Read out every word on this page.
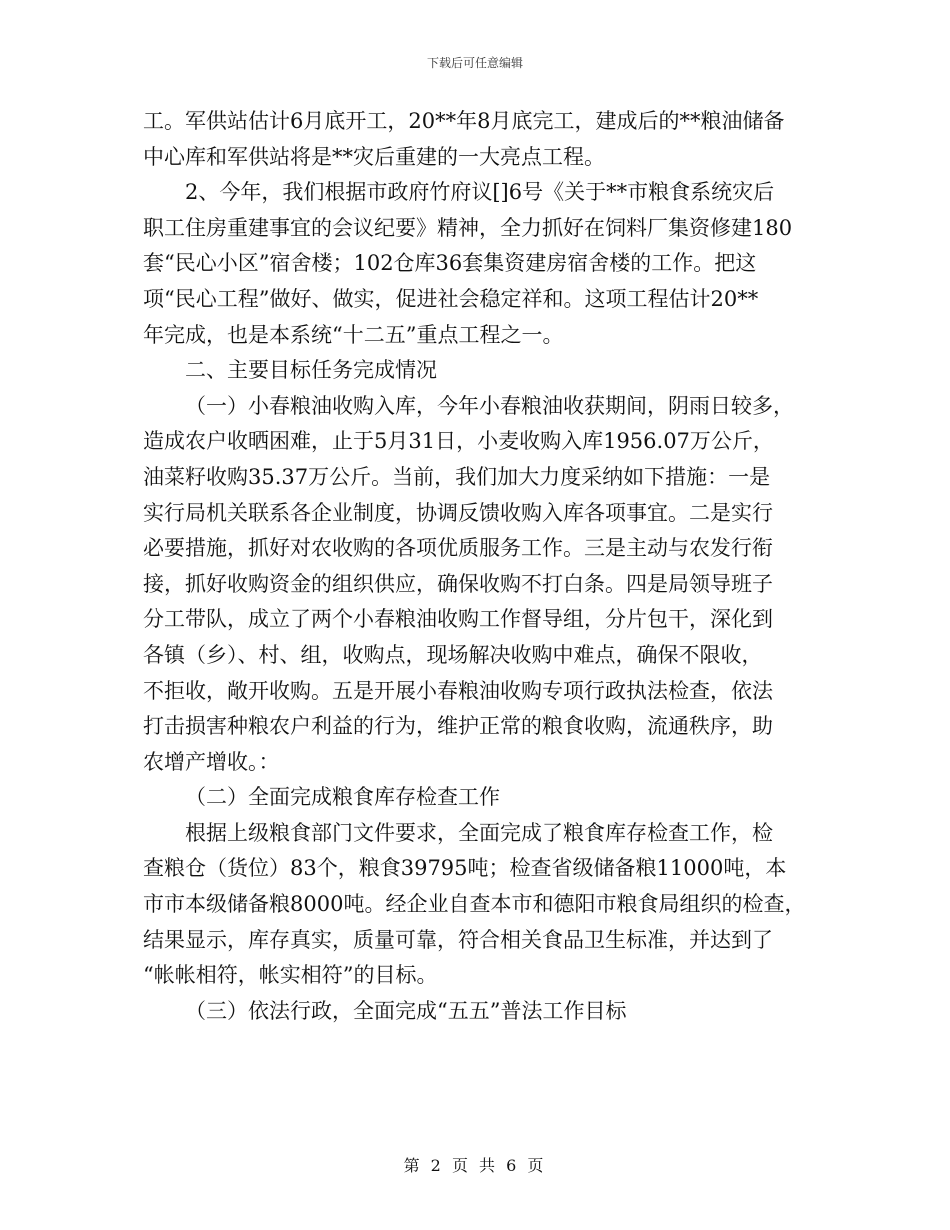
下载后可任意编辑
工。军供站估计6月底开工，20**年8月底完工，建成后的**粮油储备
中心库和军供站将是**灾后重建的一大亮点工程。
2、今年，我们根据市政府竹府议[]6号《关于**市粮食系统灾后
职工住房重建事宜的会议纪要》精神，全力抓好在饲料厂集资修建180
套“民心小区”宿舍楼；102仓库36套集资建房宿舍楼的工作。把这
项“民心工程”做好、做实，促进社会稳定祥和。这项工程估计20**
年完成，也是本系统“十二五”重点工程之一。
二、主要目标任务完成情况
（一）小春粮油收购入库，今年小春粮油收获期间，阴雨日较多，
造成农户收晒困难，止于5月31日，小麦收购入库1956.07万公斤，
油菜籽收购35.37万公斤。当前，我们加大力度采纳如下措施：一是
实行局机关联系各企业制度，协调反馈收购入库各项事宜。二是实行
必要措施，抓好对农收购的各项优质服务工作。三是主动与农发行衔
接，抓好收购资金的组织供应，确保收购不打白条。四是局领导班子
分工带队，成立了两个小春粮油收购工作督导组，分片包干，深化到
各镇（乡）、村、组，收购点，现场解决收购中难点，确保不限收，
不拒收，敞开收购。五是开展小春粮油收购专项行政执法检查，依法
打击损害种粮农户利益的行为，维护正常的粮食收购，流通秩序，助
农增产增收。：
（二）全面完成粮食库存检查工作
根据上级粮食部门文件要求，全面完成了粮食库存检查工作，检
查粮仓（货位）83个，粮食39795吨；检查省级储备粮11000吨，本
市市本级储备粮8000吨。经企业自查本市和德阳市粮食局组织的检查，
结果显示，库存真实，质量可靠，符合相关食品卫生标准，并达到了
“帐帐相符，帐实相符”的目标。
（三）依法行政，全面完成“五五”普法工作目标
第 2 页 共 6 页
